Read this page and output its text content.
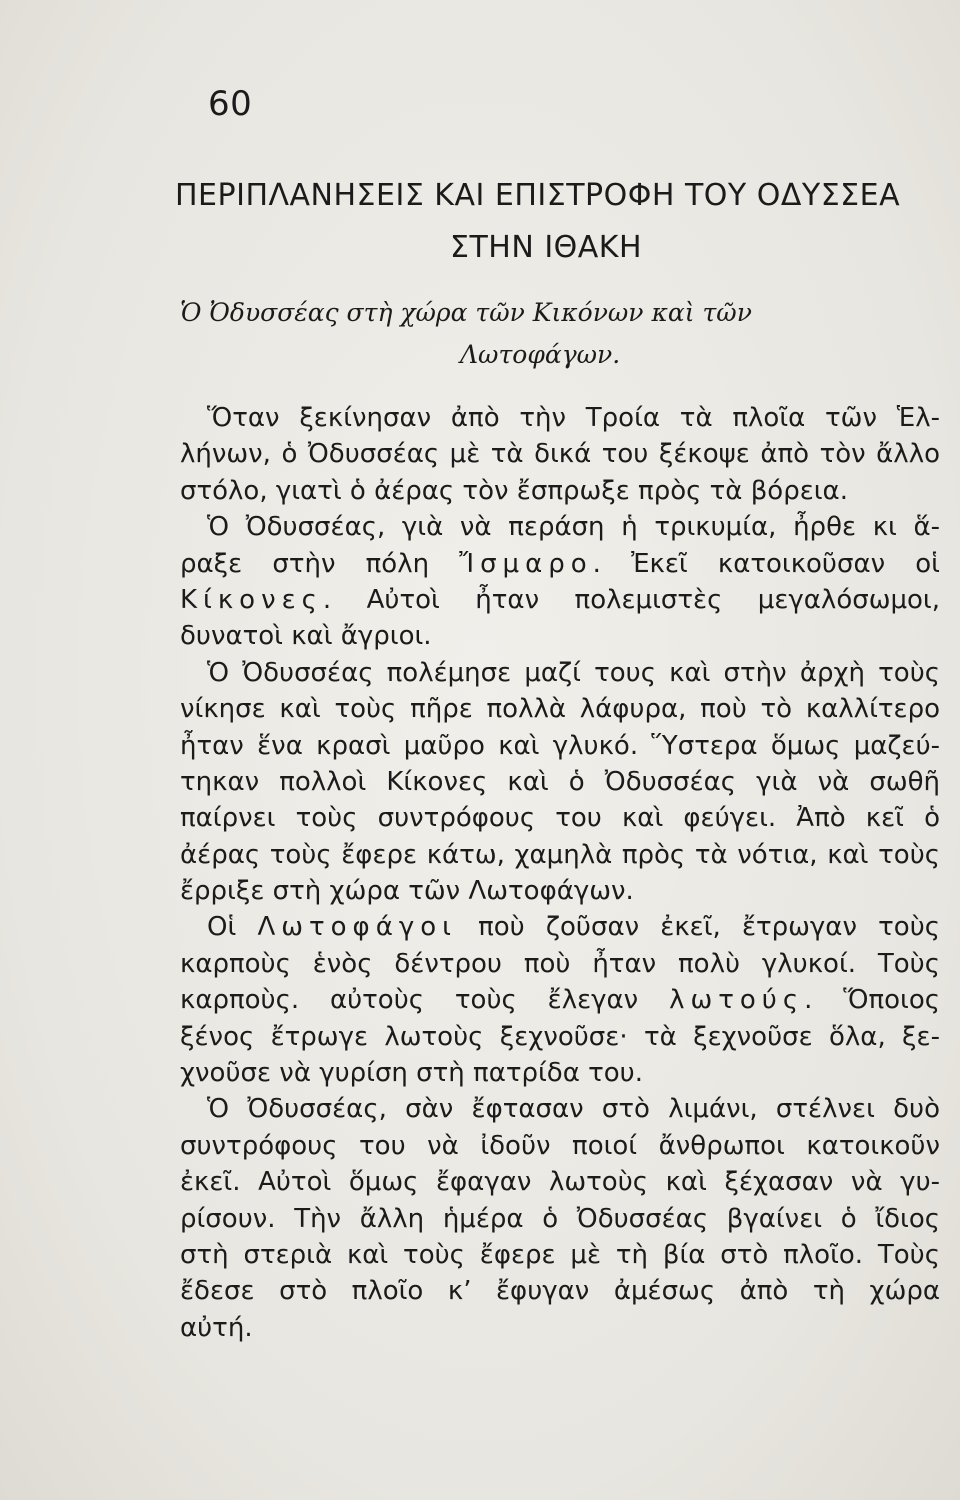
60
ΠΕΡΙΠΛΑΝΗΣΕΙΣ ΚΑΙ ΕΠΙΣΤΡΟΦΗ ΤΟΥ ΟΔΥΣΣΕΑ
ΣΤΗΝ ΙΘΑΚΗ
Ὁ Ὀδυσσέας στὴ χώρα τῶν Κικόνων καὶ τῶν
Λωτοφάγων.
Ὅταν ξεκίνησαν ἀπὸ τὴν Τροία τὰ πλοῖα τῶν Ἑλ-
λήνων, ὁ Ὀδυσσέας μὲ τὰ δικά του ξέκοψε ἀπὸ τὸν ἄλλο
στόλο, γιατὶ ὁ ἀέρας τὸν ἔσπρωξε πρὸς τὰ βόρεια.
Ὁ Ὀδυσσέας, γιὰ νὰ περάση ἡ τρικυμία, ἦρθε κι ἅ-
ραξε στὴν πόλη Ἴσμαρο. Ἐκεῖ κατοικοῦσαν οἱ
Κίκονες. Αὐτοὶ ἦταν πολεμιστὲς μεγαλόσωμοι,
δυνατοὶ καὶ ἄγριοι.
Ὁ Ὀδυσσέας πολέμησε μαζί τους καὶ στὴν ἀρχὴ τοὺς
νίκησε καὶ τοὺς πῆρε πολλὰ λάφυρα, ποὺ τὸ καλλίτερο
ἦταν ἕνα κρασὶ μαῦρο καὶ γλυκό. Ὕστερα ὅμως μαζεύ-
τηκαν πολλοὶ Κίκονες καὶ ὁ Ὀδυσσέας γιὰ νὰ σωθῆ
παίρνει τοὺς συντρόφους του καὶ φεύγει. Ἀπὸ κεῖ ὁ
ἀέρας τοὺς ἔφερε κάτω, χαμηλὰ πρὸς τὰ νότια, καὶ τοὺς
ἔρριξε στὴ χώρα τῶν Λωτοφάγων.
Οἱ Λωτοφάγοι ποὺ ζοῦσαν ἐκεῖ, ἔτρωγαν τοὺς
καρποὺς ἑνὸς δέντρου ποὺ ἦταν πολὺ γλυκοί. Τοὺς
καρποὺς. αὐτοὺς τοὺς ἔλεγαν λωτούς. Ὅποιος
ξένος ἔτρωγε λωτοὺς ξεχνοῦσε· τὰ ξεχνοῦσε ὅλα, ξε-
χνοῦσε νὰ γυρίση στὴ πατρίδα του.
Ὁ Ὀδυσσέας, σὰν ἔφτασαν στὸ λιμάνι, στέλνει δυὸ
συντρόφους του νὰ ἰδοῦν ποιοί ἄνθρωποι κατοικοῦν
ἐκεῖ. Αὐτοὶ ὅμως ἔφαγαν λωτοὺς καὶ ξέχασαν νὰ γυ-
ρίσουν. Τὴν ἄλλη ἡμέρα ὁ Ὀδυσσέας βγαίνει ὁ ἴδιος
στὴ στεριὰ καὶ τοὺς ἔφερε μὲ τὴ βία στὸ πλοῖο. Τοὺς
ἔδεσε στὸ πλοῖο κ’ ἔφυγαν ἀμέσως ἀπὸ τὴ χώρα
αὐτή.
